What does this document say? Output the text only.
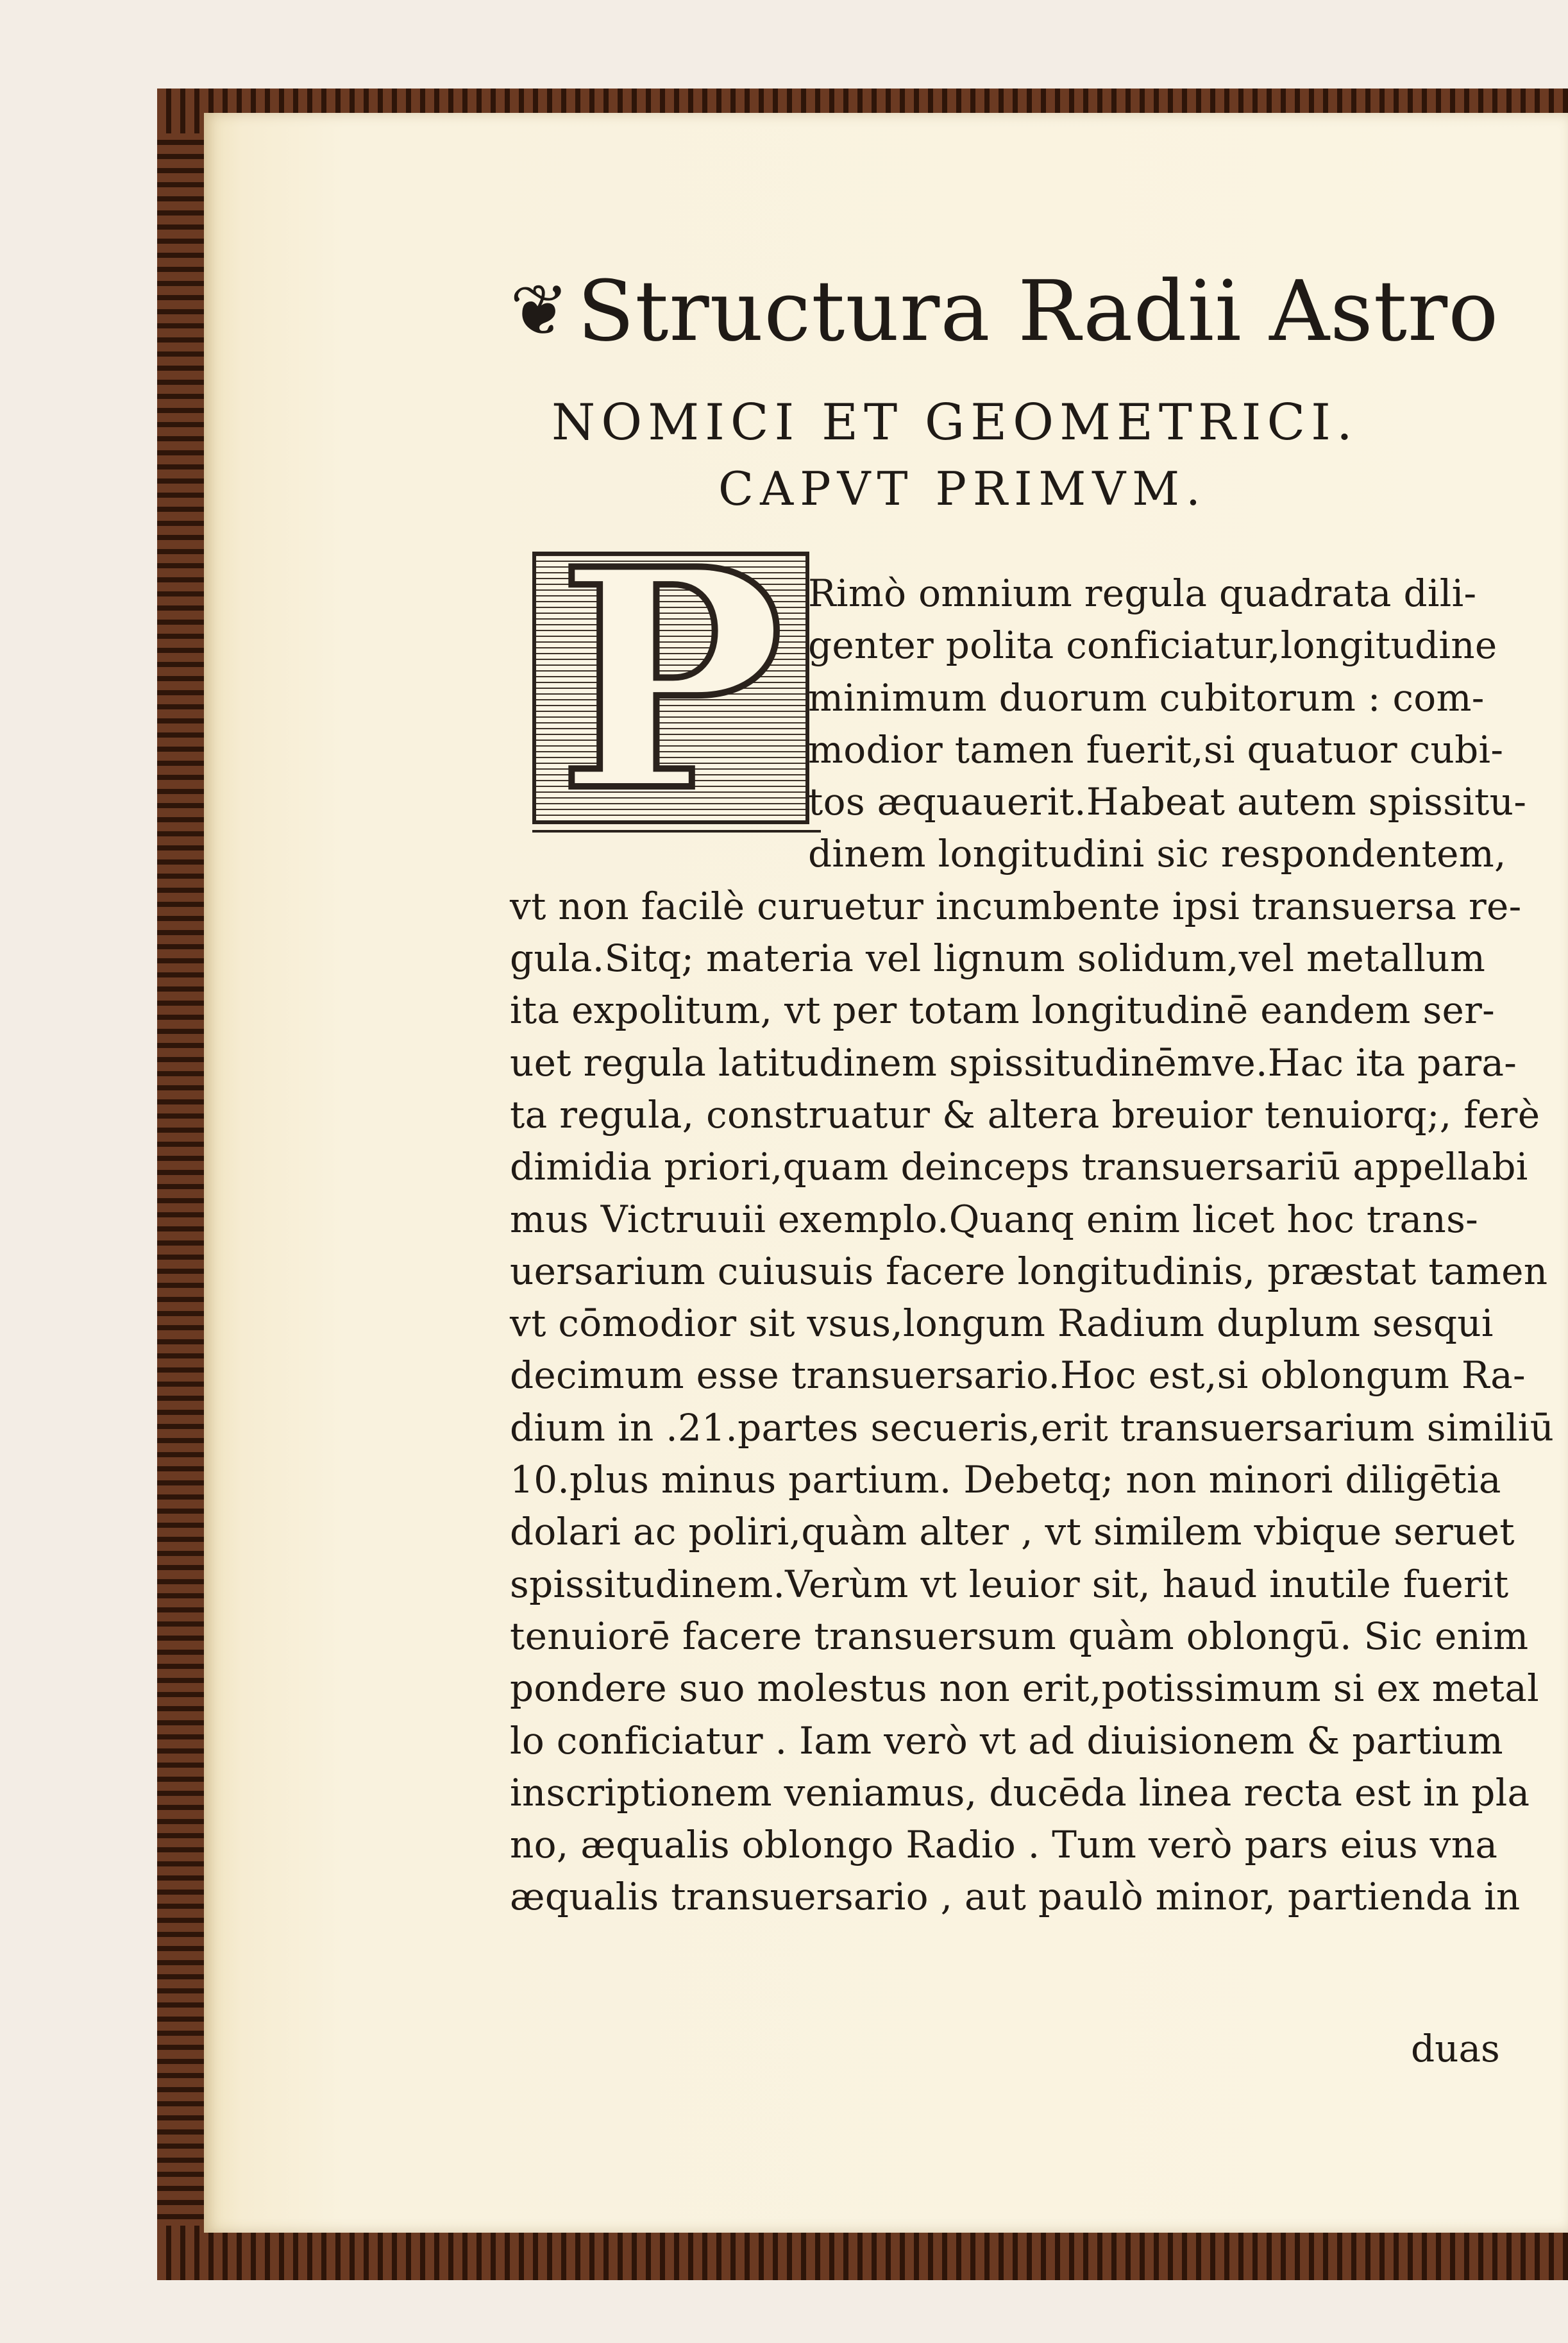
❦Structura Radii Astro
NOMICI ET GEOMETRICI.
CAPVT PRIMVM.
P Rimò omnium regula quadrata dili-
genter polita conficiatur,longitudine
minimum duorum cubitorum : com-
modior tamen fuerit,si quatuor cubi-
tos æquauerit.Habeat autem spissitu-
dinem longitudini sic respondentem,
vt non facilè curuetur incumbente ipsi transuersa re-
gula.Sitq; materia vel lignum solidum,vel metallum
ita expolitum, vt per totam longitudinē eandem ser-
uet regula latitudinem spissitudinēmve.Hac ita para-
ta regula, construatur & altera breuior tenuiorq;, ferè
dimidia priori,quam deinceps transuersariū appellabi
mus Victruuii exemplo.Quanq enim licet hoc trans-
uersarium cuiusuis facere longitudinis, præstat tamen
vt cōmodior sit vsus,longum Radium duplum sesqui
decimum esse transuersario.Hoc est,si oblongum Ra-
dium in .21.partes secueris,erit transuersarium similiū
10.plus minus partium. Debetq; non minori diligētia
dolari ac poliri,quàm alter , vt similem vbique seruet
spissitudinem.Verùm vt leuior sit, haud inutile fuerit
tenuiorē facere transuersum quàm oblongū. Sic enim
pondere suo molestus non erit,potissimum si ex metal
lo conficiatur . Iam verò vt ad diuisionem & partium
inscriptionem veniamus, ducēda linea recta est in pla
no, æqualis oblongo Radio . Tum verò pars eius vna
æqualis transuersario , aut paulò minor, partienda in
duas
